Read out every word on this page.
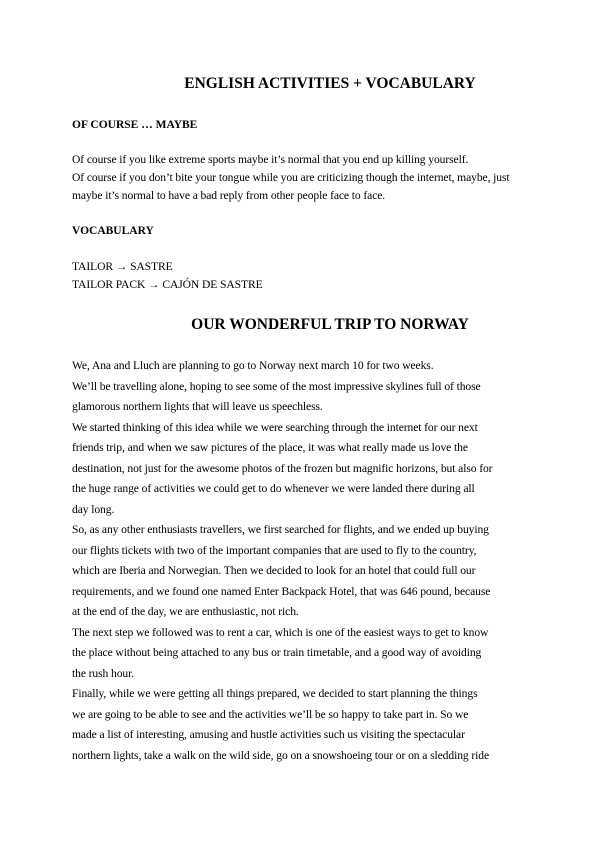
ENGLISH ACTIVITIES + VOCABULARY
OF COURSE … MAYBE
Of course if you like extreme sports maybe it’s normal that you end up killing yourself.
Of course if you don’t bite your tongue while you are criticizing though the internet, maybe, just
maybe it’s normal to have a bad reply from other people face to face.
VOCABULARY
TAILOR → SASTRE
TAILOR PACK → CAJÓN DE SASTRE
OUR WONDERFUL TRIP TO NORWAY
We, Ana and Lluch are planning to go to Norway next march 10 for two weeks.
We’ll be travelling alone, hoping to see some of the most impressive skylines full of those
glamorous northern lights that will leave us speechless.
We started thinking of this idea while we were searching through the internet for our next
friends trip, and when we saw pictures of the place, it was what really made us love the
destination, not just for the awesome photos of the frozen but magnific horizons, but also for
the huge range of activities we could get to do whenever we were landed there during all
day long.
So, as any other enthusiasts travellers, we first searched for flights, and we ended up buying
our flights tickets with two of the important companies that are used to fly to the country,
which are Iberia and Norwegian. Then we decided to look for an hotel that could full our
requirements, and we found one named Enter Backpack Hotel, that was 646 pound, because
at the end of the day, we are enthusiastic, not rich.
The next step we followed was to rent a car, which is one of the easiest ways to get to know
the place without being attached to any bus or train timetable, and a good way of avoiding
the rush hour.
Finally, while we were getting all things prepared, we decided to start planning the things
we are going to be able to see and the activities we’ll be so happy to take part in. So we
made a list of interesting, amusing and hustle activities such us visiting the spectacular
northern lights, take a walk on the wild side, go on a snowshoeing tour or on a sledding ride
